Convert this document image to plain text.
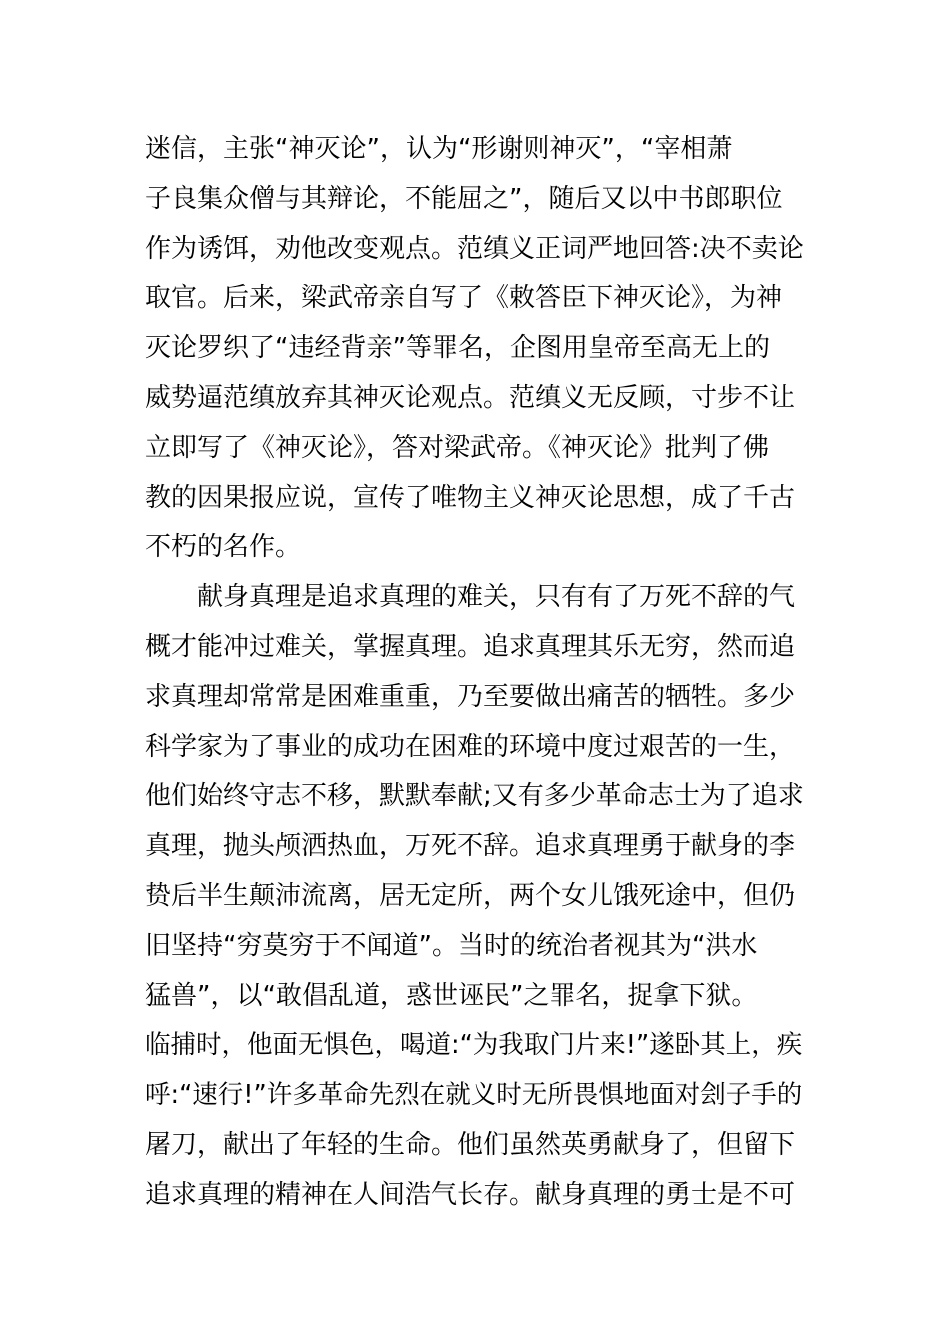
迷信，主张“神灭论”，认为“形谢则神灭”，“宰相萧
子良集众僧与其辩论，不能屈之”，随后又以中书郎职位
作为诱饵，劝他改变观点。范缜义正词严地回答:决不卖论
取官。后来，梁武帝亲自写了《敕答臣下神灭论》，为神
灭论罗织了“违经背亲”等罪名，企图用皇帝至高无上的
威势逼范缜放弃其神灭论观点。范缜义无反顾，寸步不让
立即写了《神灭论》，答对梁武帝。《神灭论》批判了佛
教的因果报应说，宣传了唯物主义神灭论思想，成了千古
不朽的名作。
献身真理是追求真理的难关，只有有了万死不辞的气
概才能冲过难关，掌握真理。追求真理其乐无穷，然而追
求真理却常常是困难重重，乃至要做出痛苦的牺牲。多少
科学家为了事业的成功在困难的环境中度过艰苦的一生，
他们始终守志不移，默默奉献;又有多少革命志士为了追求
真理，抛头颅洒热血，万死不辞。追求真理勇于献身的李
贽后半生颠沛流离，居无定所，两个女儿饿死途中，但仍
旧坚持“穷莫穷于不闻道”。当时的统治者视其为“洪水
猛兽”，以“敢倡乱道，惑世诬民”之罪名，捉拿下狱。
临捕时，他面无惧色，喝道:“为我取门片来!”遂卧其上，疾
呼:“速行!”许多革命先烈在就义时无所畏惧地面对刽子手的
屠刀，献出了年轻的生命。他们虽然英勇献身了，但留下
追求真理的精神在人间浩气长存。献身真理的勇士是不可
